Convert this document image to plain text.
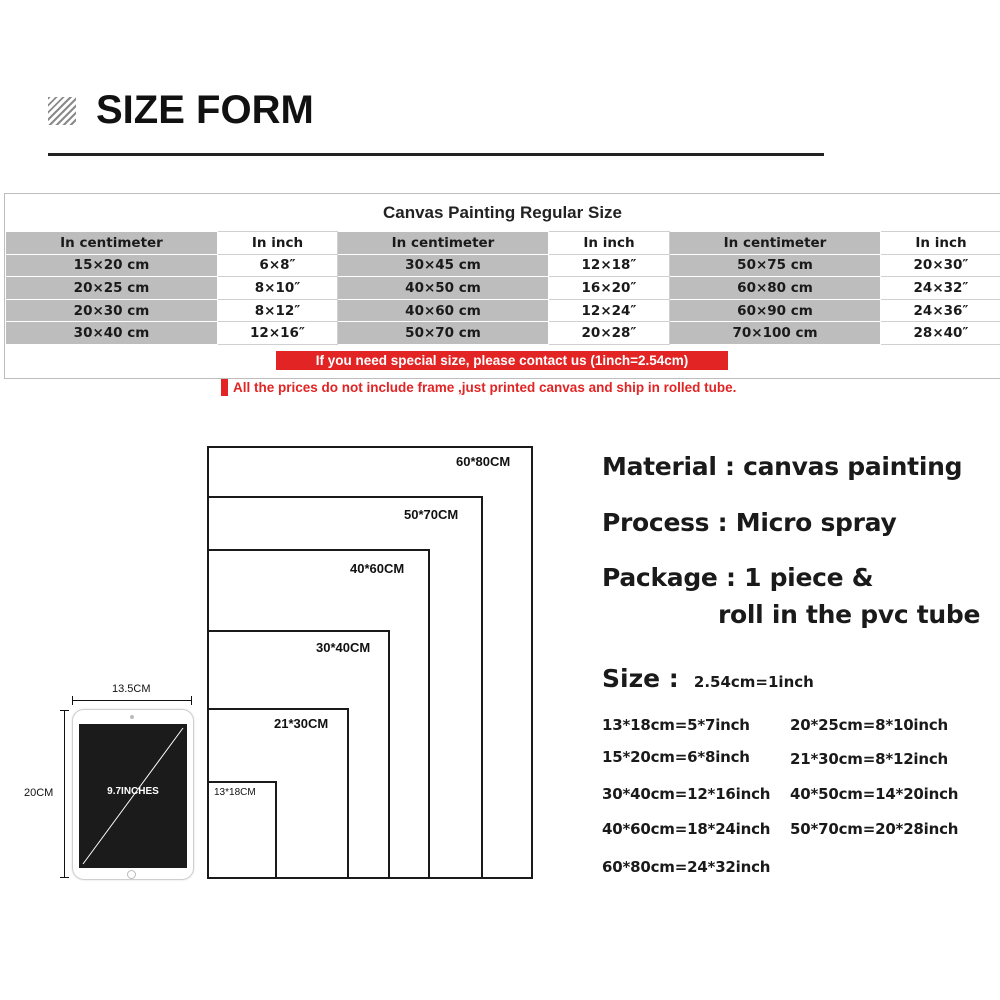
SIZE FORM
Canvas Painting Regular Size
In centimeter	In inch	In centimeter	In inch	In centimeter	In inch
15×20 cm	6×8″	30×45 cm	12×18″	50×75 cm	20×30″
20×25 cm	8×10″	40×50 cm	16×20″	60×80 cm	24×32″
20×30 cm	8×12″	40×60 cm	12×24″	60×90 cm	24×36″
30×40 cm	12×16″	50×70 cm	20×28″	70×100 cm	28×40″
If you need special size, please contact us (1inch=2.54cm)
All the prices do not include frame ,just printed canvas and ship in rolled tube.
60*80CM
50*70CM
40*60CM
30*40CM
21*30CM
13*18CM
13.5CM
20CM	9.7INCHES
Material : canvas painting
Process : Micro spray
Package : 1 piece &
roll in the pvc tube
Size : 2.54cm=1inch
13*18cm=5*7inch	20*25cm=8*10inch
15*20cm=6*8inch	21*30cm=8*12inch
30*40cm=12*16inch 40*50cm=14*20inch
40*60cm=18*24inch 50*70cm=20*28inch
60*80cm=24*32inch
